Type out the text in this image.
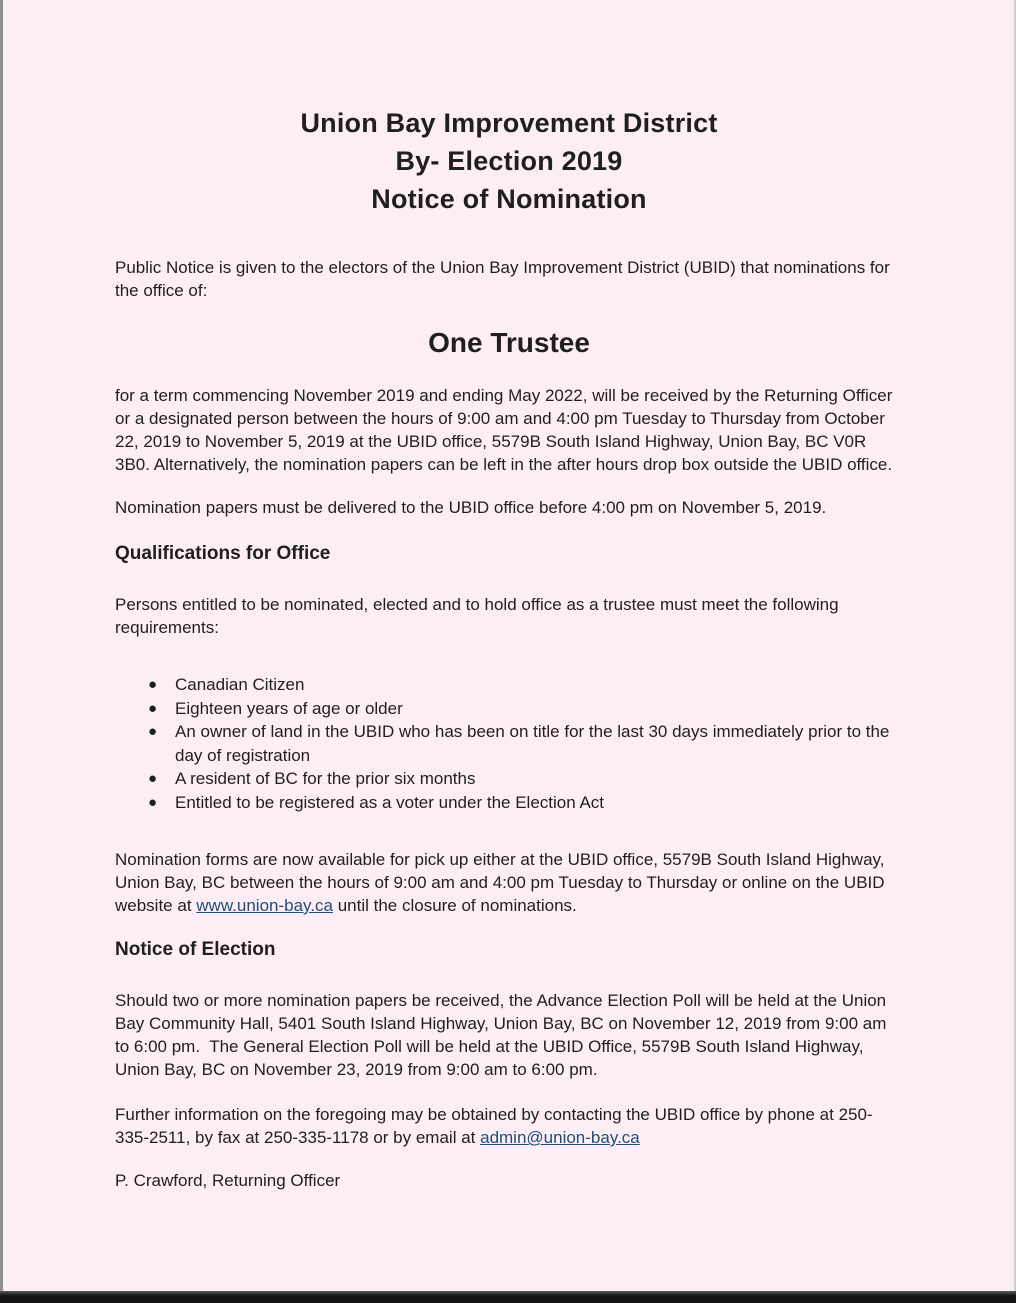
Union Bay Improvement District
By- Election 2019
Notice of Nomination

Public Notice is given to the electors of the Union Bay Improvement District (UBID) that nominations for the office of:

One Trustee

for a term commencing November 2019 and ending May 2022, will be received by the Returning Officer or a designated person between the hours of 9:00 am and 4:00 pm Tuesday to Thursday from October 22, 2019 to November 5, 2019 at the UBID office, 5579B South Island Highway, Union Bay, BC V0R 3B0. Alternatively, the nomination papers can be left in the after hours drop box outside the UBID office.

Nomination papers must be delivered to the UBID office before 4:00 pm on November 5, 2019.

Qualifications for Office

Persons entitled to be nominated, elected and to hold office as a trustee must meet the following requirements:

●	Canadian Citizen
●	Eighteen years of age or older
●	An owner of land in the UBID who has been on title for the last 30 days immediately prior to the day of registration
●	A resident of BC for the prior six months
●	Entitled to be registered as a voter under the Election Act

Nomination forms are now available for pick up either at the UBID office, 5579B South Island Highway, Union Bay, BC between the hours of 9:00 am and 4:00 pm Tuesday to Thursday or online on the UBID website at www.union-bay.ca until the closure of nominations.

Notice of Election

Should two or more nomination papers be received, the Advance Election Poll will be held at the Union Bay Community Hall, 5401 South Island Highway, Union Bay, BC on November 12, 2019 from 9:00 am to 6:00 pm.  The General Election Poll will be held at the UBID Office, 5579B South Island Highway, Union Bay, BC on November 23, 2019 from 9:00 am to 6:00 pm.

Further information on the foregoing may be obtained by contacting the UBID office by phone at 250-335-2511, by fax at 250-335-1178 or by email at admin@union-bay.ca

P. Crawford, Returning Officer
